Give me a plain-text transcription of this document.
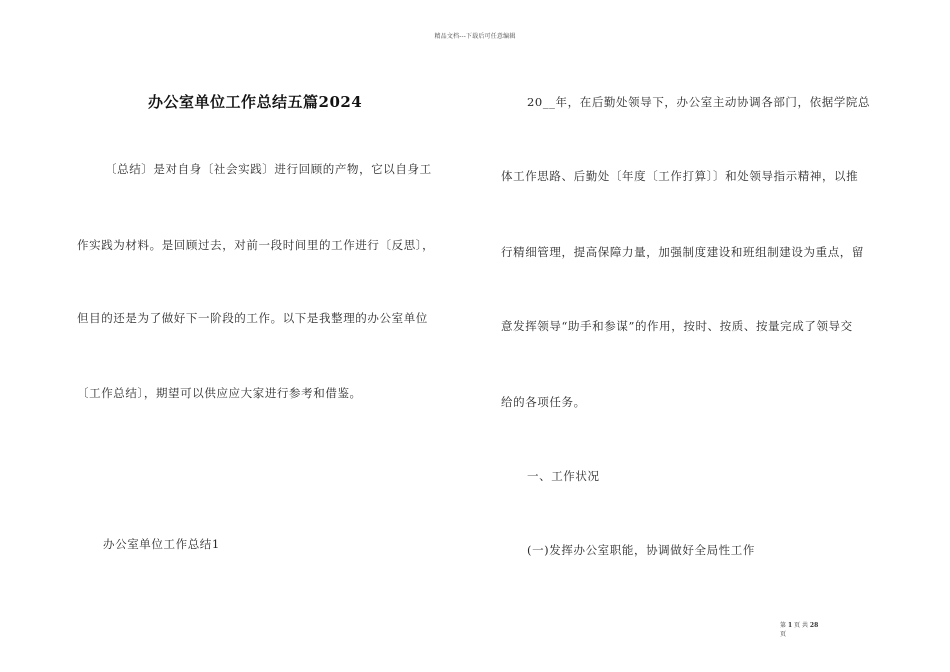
精品文档---下载后可任意编辑
办公室单位工作总结五篇2024
〔总结〕是对自身〔社会实践〕进行回顾的产物，它以自身工
作实践为材料。是回顾过去，对前一段时间里的工作进行〔反思〕，
但目的还是为了做好下一阶段的工作。以下是我整理的办公室单位
〔工作总结〕，期望可以供应应大家进行参考和借鉴。
办公室单位工作总结1
20__年，在后勤处领导下，办公室主动协调各部门，依据学院总
体工作思路、后勤处〔年度〔工作打算〕〕和处领导指示精神，以推
行精细管理，提高保障力量，加强制度建设和班组制建设为重点，留
意发挥领导“助手和参谋”的作用，按时、按质、按量完成了领导交
给的各项任务。
一、工作状况
(一)发挥办公室职能，协调做好全局性工作
第 1 页 共 28
页
